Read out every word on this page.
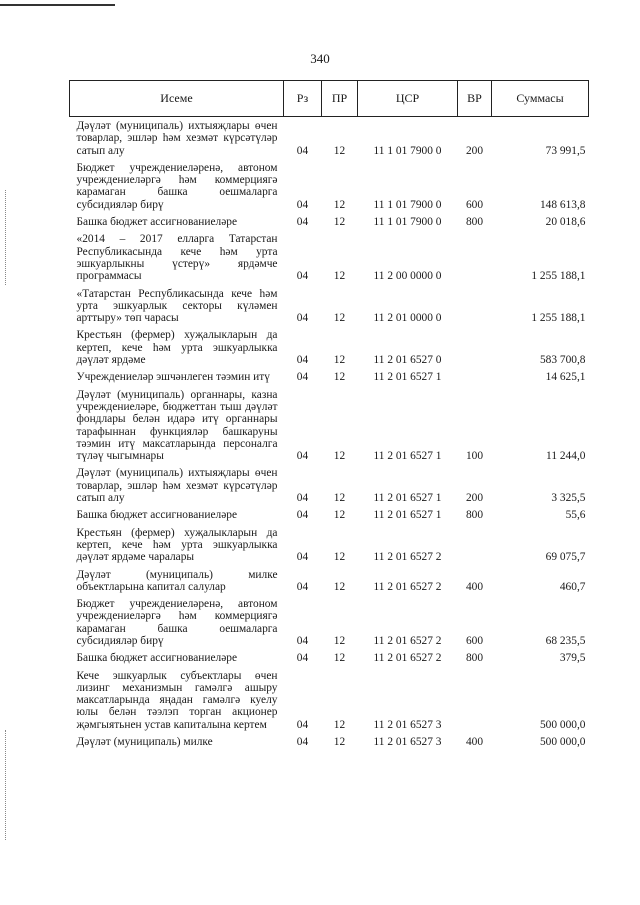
340
Исеме	Рз	ПР	ЦСР	ВР	Суммасы
Дәүләт (муниципаль) ихтыяҗлары өчен товарлар, эшләр һәм хезмәт күрсәтүләр сатып алу	04	12	11 1 01 7900 0	200	73 991,5
Бюджет учреждениеләренә, автоном учреждениеләргә һәм коммерциягә карамаган башка оешмаларга субсидияләр бирү	04	12	11 1 01 7900 0	600	148 613,8
Башка бюджет ассигнованиеләре	04	12	11 1 01 7900 0	800	20 018,6
«2014 – 2017 елларга Татарстан Республикасында кече һәм урта эшкуарлыкны үстерү» ярдәмче программасы	04	12	11 2 00 0000 0		1 255 188,1
«Татарстан Республикасында кече һәм урта эшкуарлык секторы күләмен арттыру» төп чарасы	04	12	11 2 01 0000 0		1 255 188,1
Крестьян (фермер) хуҗалыкларын да кертеп, кече һәм урта эшкуарлыкка дәүләт ярдәме	04	12	11 2 01 6527 0		583 700,8
Учреждениеләр эшчәнлеген тәэмин итү	04	12	11 2 01 6527 1		14 625,1
Дәүләт (муниципаль) органнары, казна учреждениеләре, бюджеттан тыш дәүләт фондлары белән идарә итү органнары тарафыннан функцияләр башкаруны тәэмин итү максатларында персоналга түләү чыгымнары	04	12	11 2 01 6527 1	100	11 244,0
Дәүләт (муниципаль) ихтыяҗлары өчен товарлар, эшләр һәм хезмәт күрсәтүләр сатып алу	04	12	11 2 01 6527 1	200	3 325,5
Башка бюджет ассигнованиеләре	04	12	11 2 01 6527 1	800	55,6
Крестьян (фермер) хуҗалыкларын да кертеп, кече һәм урта эшкуарлыкка дәүләт ярдәме чаралары	04	12	11 2 01 6527 2		69 075,7
Дәүләт (муниципаль) милке объектларына капитал салулар	04	12	11 2 01 6527 2	400	460,7
Бюджет учреждениеләренә, автоном учреждениеләргә һәм коммерциягә карамаган башка оешмаларга субсидияләр бирү	04	12	11 2 01 6527 2	600	68 235,5
Башка бюджет ассигнованиеләре	04	12	11 2 01 6527 2	800	379,5
Кече эшкуарлык субъектлары өчен лизинг механизмын гамәлгә ашыру максатларында яңадан гамәлгә куелу юлы белән тәэлэп торган акционер җәмгыятьнен устав капиталына кертем	04	12	11 2 01 6527 3		500 000,0
Дәүләт (муниципаль) милке	04	12	11 2 01 6527 3	400	500 000,0
